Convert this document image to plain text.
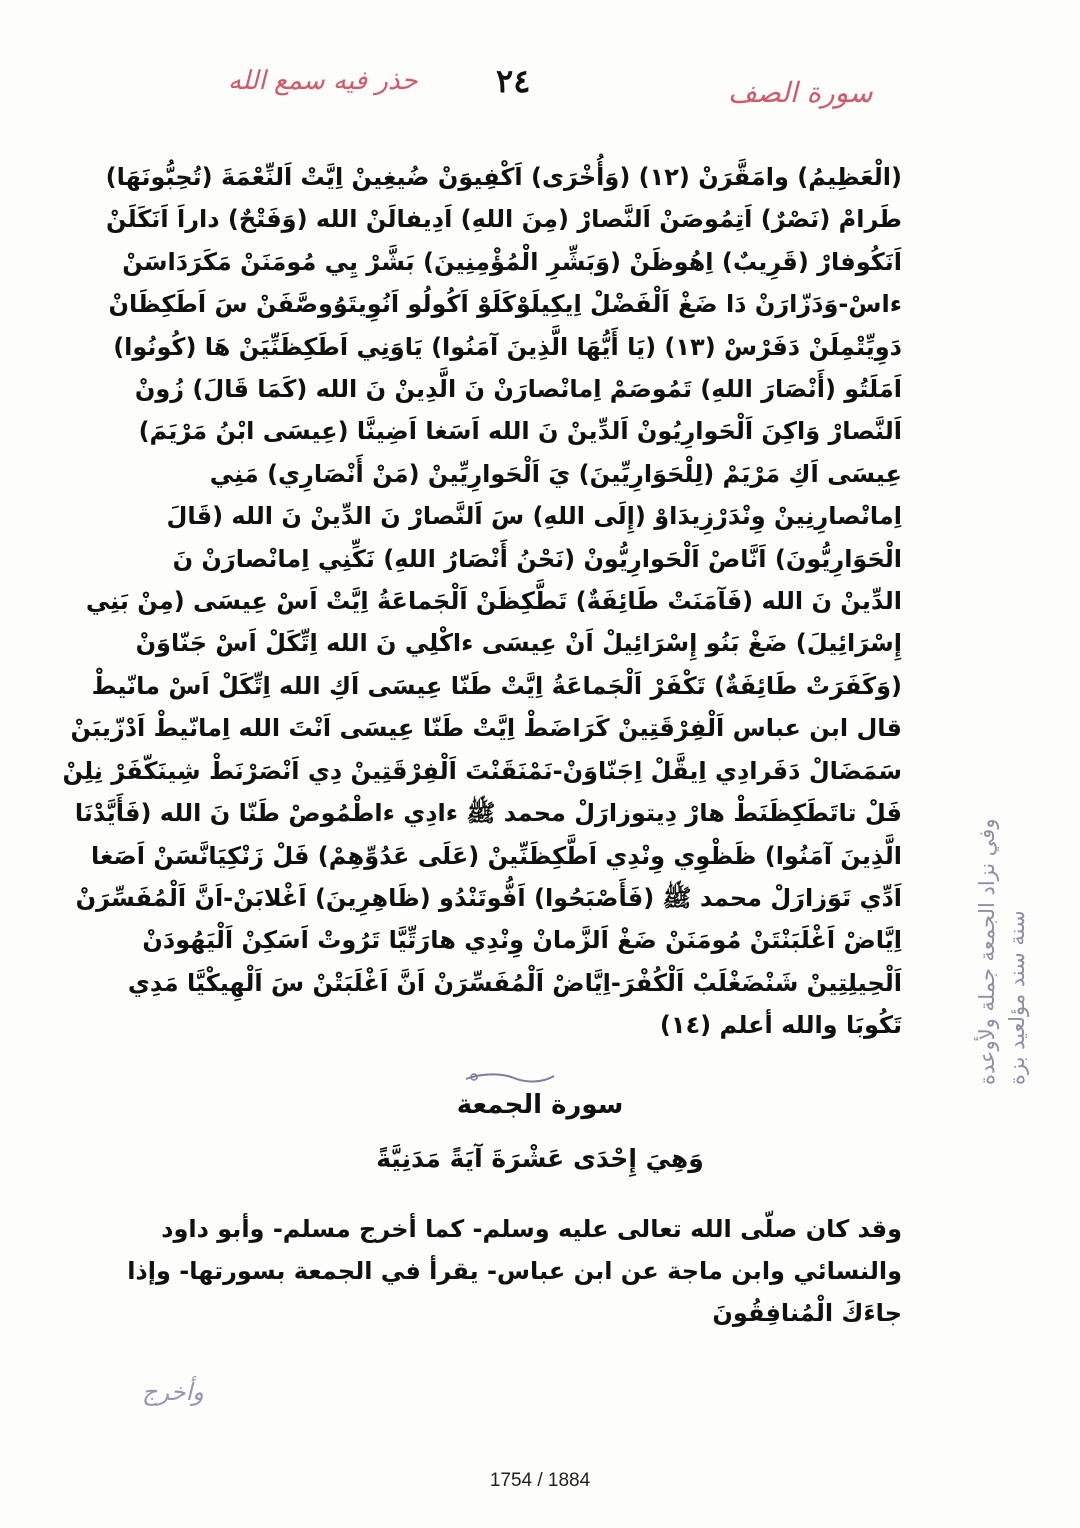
حذر فيه سمع الله ٢٤	سورة الصف
(الْعَظِيمُ) وامَقَّرَنْ (١٢) (وَأُخْرَى) اَكْفِيوَنْ ضُيغِينْ اِيَّتْ اَلنِّعْمَةَ (تُحِبُّونَهَا)
طَرامْ (نَصْرٌ) اَتِمُوصَنْ اَلنَّصارْ (مِنَ اللهِ) اَدِيفالَنْ الله (وَفَتْحٌ) داراَ اَنَكَلَنْ
اَنَكُوفارْ (قَرِيبٌ) اِهُوظَنْ (وَبَشِّرِ الْمُؤْمِنِينَ) بَشَّرْ يِي مُومَنَنْ مَكَرَدَاسَنْ
ءاسْ-وَدَزّارَنْ دَا ضَغْ اَلْفَضْلْ اِيكِيلَوْكَلَوْ اَكُولُو اَنُوِيتَوُوصَّفَنْ سَ اَطَكِظَانْ
دَوِيِّتْمِلَنْ دَفَرْسْ (١٣) (يَا أَيُّهَا الَّذِينَ آمَنُوا) يَاوَنِي اَطَكِظَنِّيَنْ هَا (كُونُوا)
اَمَلَتُو (أَنْصَارَ اللهِ) تَمُوصَمْ اِمانْصارَنْ نَ الَّدِينْ نَ الله (كَمَا قَالَ) زُونْ
اَلنَّصارْ وَاكِنَ اَلْحَوارِيُونْ اَلدِّينْ نَ الله اَسَغا اَضِينَّا (عِيسَى ابْنُ مَرْيَمَ)
عِيسَى اَكِ مَرْيَمْ (لِلْحَوَارِيِّينَ) يَ اَلْحَوارِيِّينْ (مَنْ أَنْصَارِي) مَنِي
اِمانْصارِنِينْ وِنْدَرْزِيدَاوْ (إِلَى اللهِ) سَ اَلنَّصارْ نَ الدِّينْ نَ الله (قَالَ
الْحَوَارِيُّونَ) اَنَّاصْ اَلْحَوارِيُّونْ (نَحْنُ أَنْصَارُ اللهِ) نَكِّنِي اِمانْصارَنْ نَ
الدِّينْ نَ الله (فَآمَنَتْ طَائِفَةٌ) تَطَّكِظَنْ اَلْجَماعَةُ اِيَّتْ اَسْ عِيسَى (مِنْ بَنِي
إِسْرَائِيلَ) ضَغْ بَنُو إِسْرَائِيلْ اَنْ عِيسَى ءاكْلِي نَ الله اِتِّكَلْ اَسْ جَنّاوَنْ
(وَكَفَرَتْ طَائِفَةٌ) تَكْفَرْ اَلْجَماعَةُ اِيَّتْ طَنّا عِيسَى اَكِ الله اِتِّكَلْ اَسْ مانّيطْ
قال ابن عباس اَلْفِرْقَتِينْ كَرَاضَطْ اِيَّتْ طَنّا عِيسَى اَنْتَ الله اِمانّيطْ اَدْزّيبَنْ
سَمَضَالْ دَفَرادِي اِيقَّلْ اِجَنّاوَنْ-نَمْنَقَنْتَ اَلْفِرْقَتِينْ دِي اَنْصَرْنَطْ شِينَكّفَرْ نِلِنْ
فَلْ تاتَطَكِظَنَطْ هارْ دِيتوزارَلْ محمد ﷺ ءادِي ءاطْمُوصْ طَنّا نَ الله (فَأَيَّدْنَا
الَّذِينَ آمَنُوا) ظَظْوِي وِنْدِي اَطَّكِظَنِّينْ (عَلَى عَدُوِّهِمْ) فَلْ زَنْكِيَانَّسَنْ اَصَغا
اَدِّي تَوَزارَلْ محمد ﷺ (فَأَصْبَحُوا) اَفُّوتَنْدُو (ظَاهِرِينَ) اَغْلابَنْ-اَنَّ اَلْمُفَسِّرَنْ
اِيَّاضْ اَغْلَبَنْتَنْ مُومَنَنْ ضَغْ اَلزَّمانْ وِنْدِي هارَتِّيَّا تَرُوتْ اَسَكِنْ اَلْيَهُودَنْ
اَلْحِيلِتِينْ شَنْضَغْلَبْ اَلْكُفْرَ-اِيَّاضْ اَلْمُفَسِّرَنْ اَنَّ اَغْلَبَتْنْ سَ اَلْهِيكْيَّا مَدِي
تَكُوبَا والله أعلم (١٤)
سورة الجمعة
وَهِيَ إِحْدَى عَشْرَةَ آيَةً مَدَنِيَّةً
وقد كان صلّى الله تعالى عليه وسلم- كما أخرج مسلم- وأبو داود
والنسائي وابن ماجة عن ابن عباس- يقرأ في الجمعة بسورتها- وإذا
جاءَكَ الْمُنافِقُونَ
وفي نزاد الجمعة جملة ولأوعدة سنة سند مؤلعيد بزة
وأخرج
1754 / 1884
